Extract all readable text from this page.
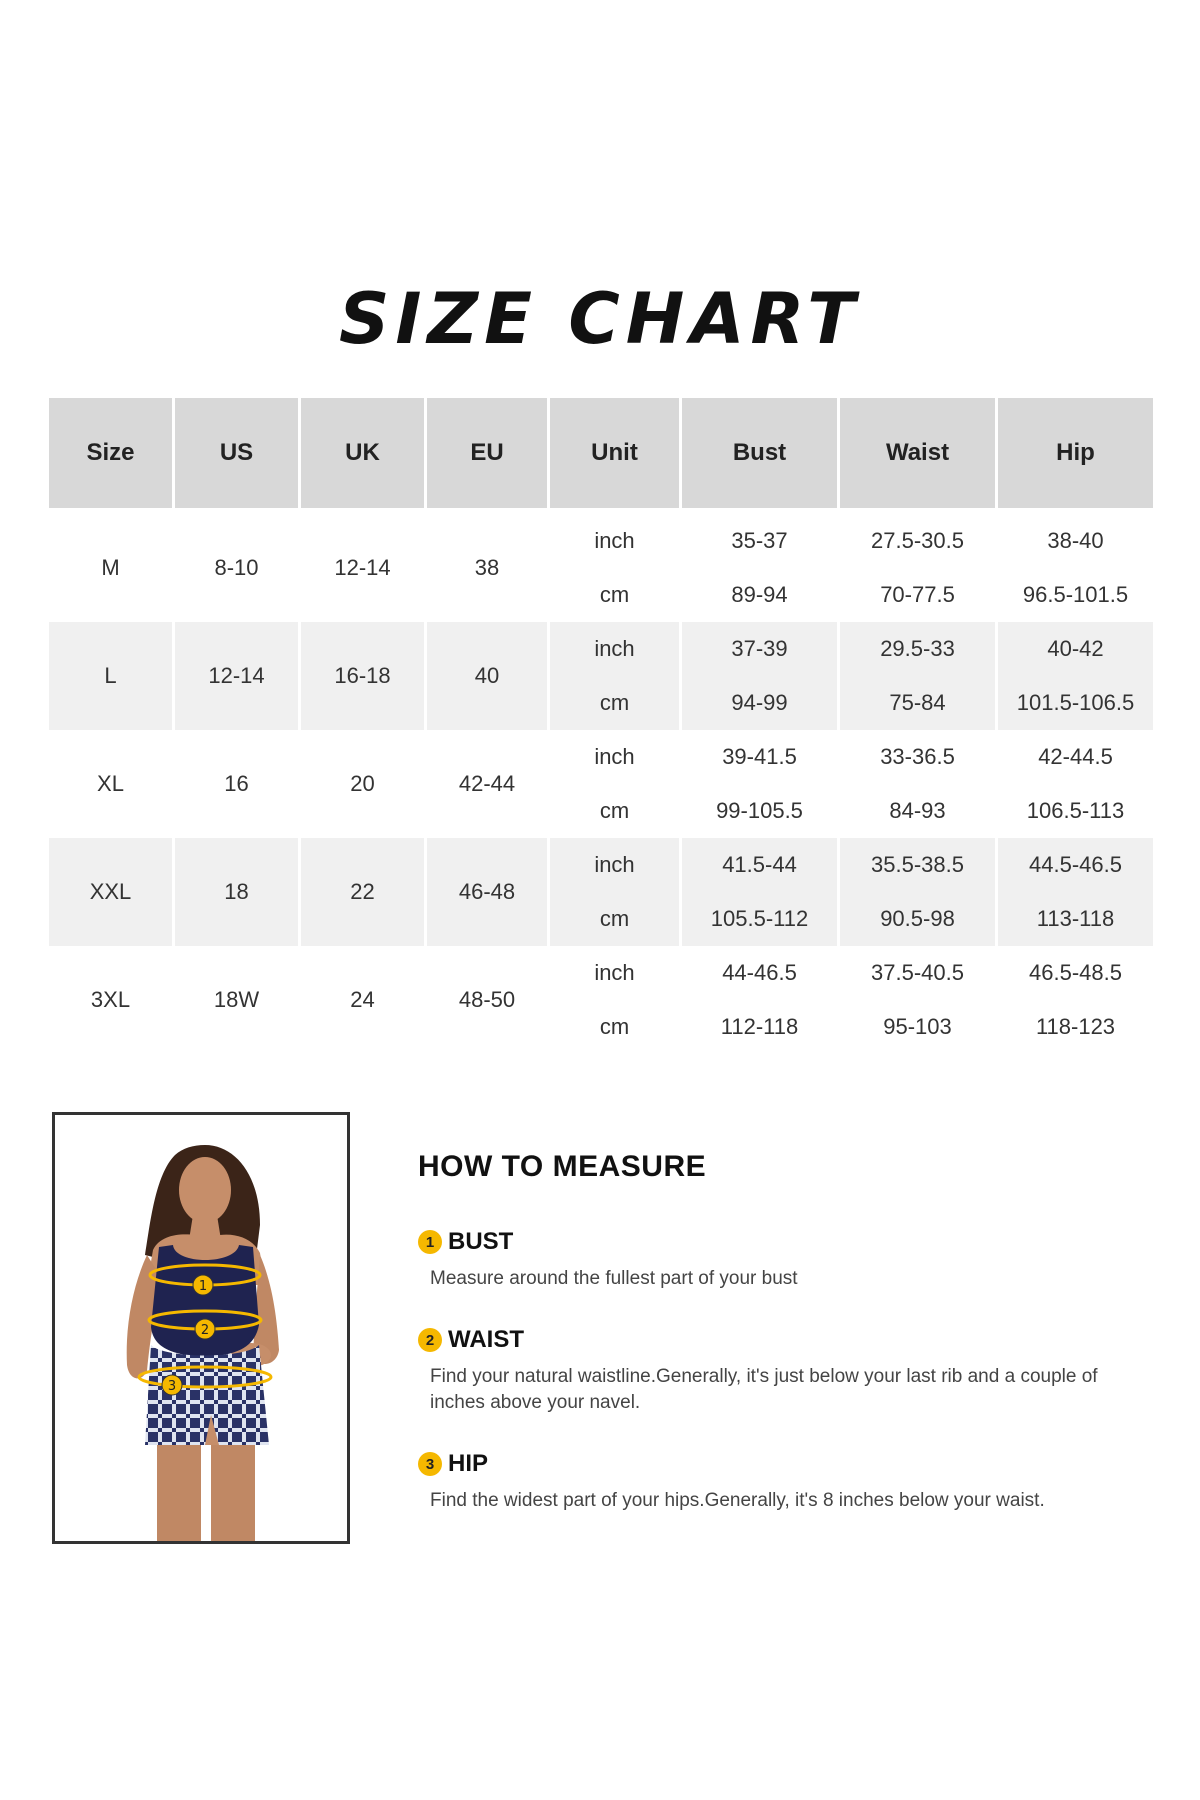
SIZE CHART
Size	US	UK	EU	Unit	Bust	Waist	Hip

M	8-10	12-14	38	inch	35-37	27.5-30.5	38-40
				cm	89-94	70-77.5	96.5-101.5
L	12-14	16-18	40	inch	37-39	29.5-33	40-42
				cm	94-99	75-84	101.5-106.5
XL	16	20	42-44	inch	39-41.5	33-36.5	42-44.5
				cm	99-105.5	84-93	106.5-113
XXL	18	22	46-48	inch	41.5-44	35.5-38.5	44.5-46.5
				cm	105.5-112	90.5-98	113-118
3XL	18W	24	48-50	inch	44-46.5	37.5-40.5	46.5-48.5
				cm	112-118	95-103	118-123
1
2
3
HOW TO MEASURE
1 BUST
Measure around the fullest part of your bust
2 WAIST
Find your natural waistline.Generally, it's just below your last rib and a couple of inches above your navel.
3 HIP
Find the widest part of your hips.Generally, it's 8 inches below your waist.
